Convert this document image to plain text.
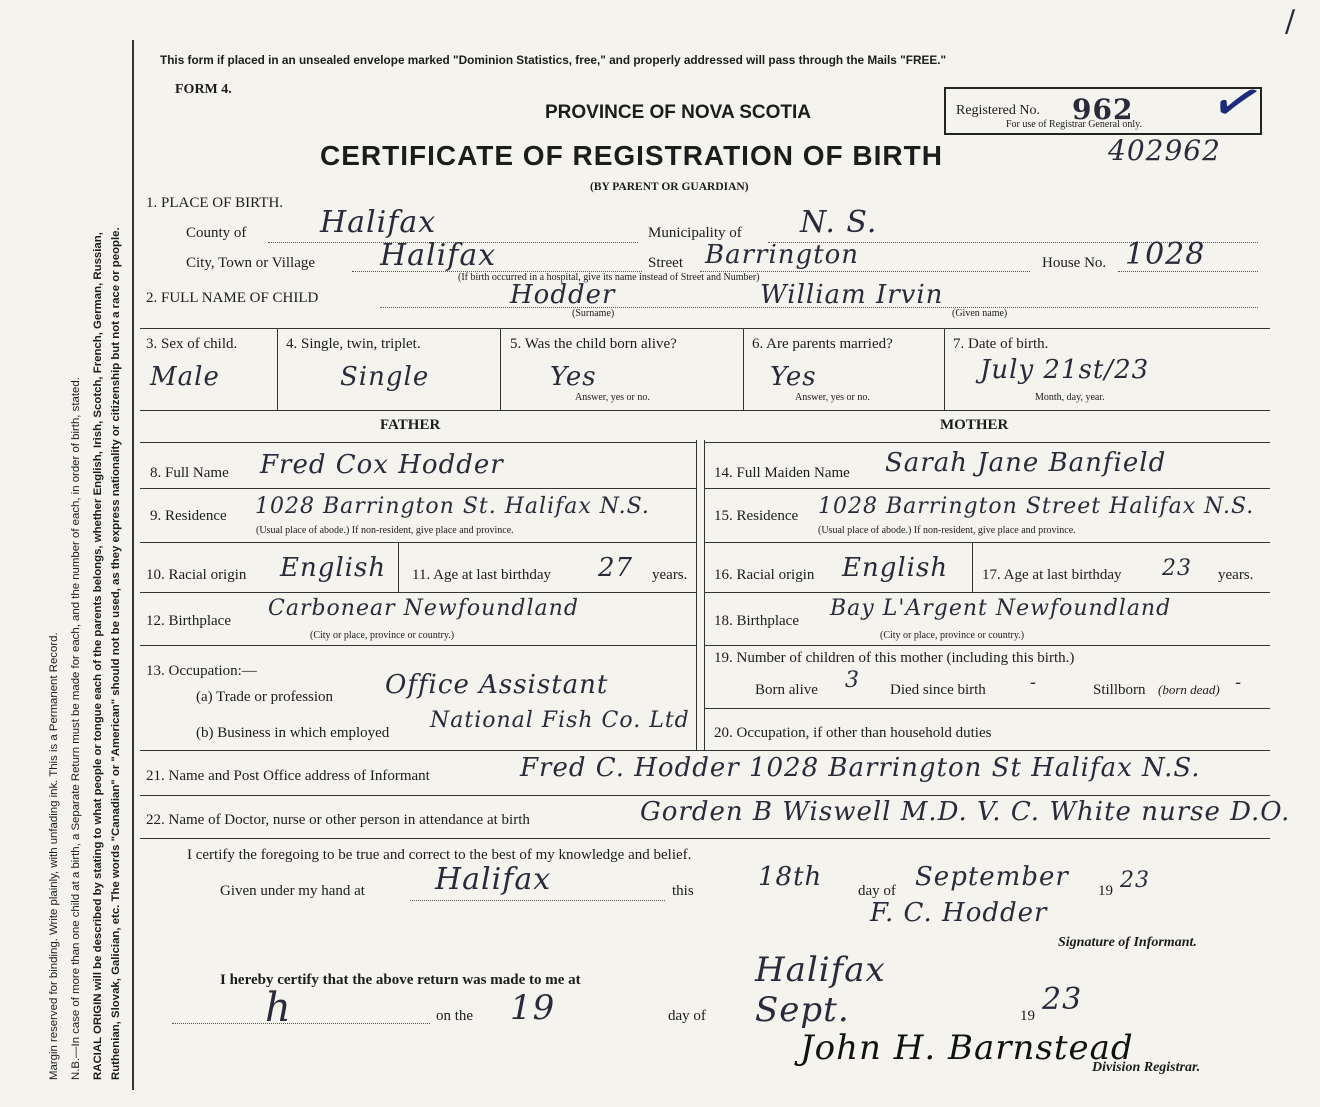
Margin reserved for binding. Write plainly, with unfading ink. This is a Permanent Record. N.B.—In case of more than one child at a birth, a Separate Return must be made for each, and the number of each, in order of birth, stated. RACIAL ORIGIN will be described by stating to what people or tongue each of the parents belongs, whether English, Irish, Scotch, French, German, Russian, Ruthenian, Slovak, Galician, etc. The words "Canadian" or "American" should not be used, as they express nationality or citizenship but not a race or people.
This form if placed in an unsealed envelope marked "Dominion Statistics, free," and properly addressed will pass through the Mails "FREE."
FORM 4.
PROVINCE OF NOVA SCOTIA
CERTIFICATE OF REGISTRATION OF BIRTH
(BY PARENT OR GUARDIAN)
Registered No. 962
For use of Registrar General only. ✓
402962
/
1. PLACE OF BIRTH.
County of Halifax	Municipality of N. S.
City, Town or Village Halifax	Street Barrington	House No. 1028
(If birth occurred in a hospital, give its name instead of Street and Number)
2. FULL NAME OF CHILD	Hodder	William Irvin
(Surname)	(Given name)
3. Sex of child.
Male
4. Single, twin, triplet.
Single
5. Was the child born alive?
Yes
Answer, yes or no.
6. Are parents married?
Yes
Answer, yes or no.
7. Date of birth.
July 21st/23
Month, day, year.
FATHER
8. Full Name Fred Cox Hodder
9. Residence 1028 Barrington St. Halifax N.S.
(Usual place of abode.) If non-resident, give place and province.
10. Racial origin English 11. Age at last birthday 27 years.
12. Birthplace Carbonear Newfoundland
(City or place, province or country.)
13. Occupation:—
(a) Trade or profession Office Assistant
(b) Business in which employed National Fish Co. Ltd
MOTHER
14. Full Maiden Name Sarah Jane Banfield
15. Residence 1028 Barrington Street Halifax N.S.
(Usual place of abode.) If non-resident, give place and province.
16. Racial origin English 17. Age at last birthday 23 years.
18. Birthplace Bay L'Argent Newfoundland
(City or place, province or country.)
19. Number of children of this mother (including this birth.)
Born alive 3 Died since birth -	Stillborn (born dead) -
20. Occupation, if other than household duties
21. Name and Post Office address of Informant	Fred C. Hodder 1028 Barrington St Halifax N.S.
22. Name of Doctor, nurse or other person in attendance at birth	Gorden B Wiswell M.D. V. C. White nurse D.O.
I certify the foregoing to be true and correct to the best of my knowledge and belief.
Given under my hand at Halifax	this 18th day of September 19 23
F. C. Hodder
Signature of Informant.
I hereby certify that the above return was made to me at	Halifax
h	on the 19	day of Sept.	19 23
John H. Barnstead
Division Registrar.
